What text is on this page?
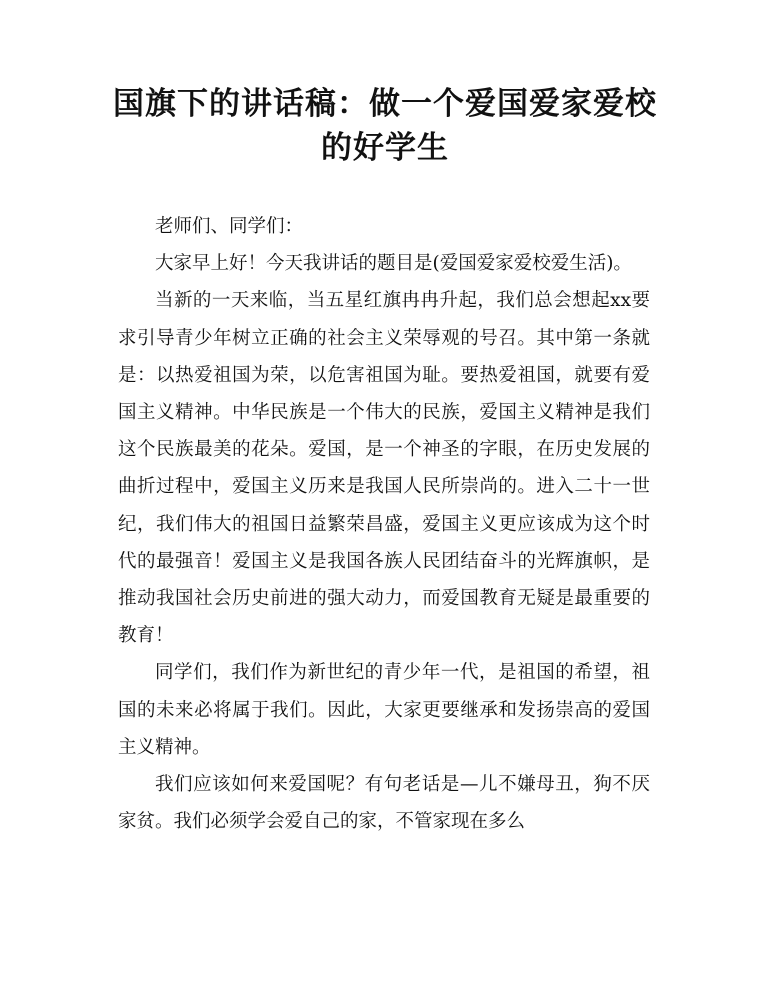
国旗下的讲话稿：做一个爱国爱家爱校的好学生

老师们、同学们：

大家早上好！今天我讲话的题目是(爱国爱家爱校爱生活)。

当新的一天来临，当五星红旗冉冉升起，我们总会想起xx要求引导青少年树立正确的社会主义荣辱观的号召。其中第一条就是：以热爱祖国为荣，以危害祖国为耻。要热爱祖国，就要有爱国主义精神。中华民族是一个伟大的民族，爱国主义精神是我们这个民族最美的花朵。爱国，是一个神圣的字眼，在历史发展的曲折过程中，爱国主义历来是我国人民所崇尚的。进入二十一世纪，我们伟大的祖国日益繁荣昌盛，爱国主义更应该成为这个时代的最强音！爱国主义是我国各族人民团结奋斗的光辉旗帜，是推动我国社会历史前进的强大动力，而爱国教育无疑是最重要的教育！

同学们，我们作为新世纪的青少年一代，是祖国的希望，祖国的未来必将属于我们。因此，大家更要继承和发扬崇高的爱国主义精神。

我们应该如何来爱国呢？有句老话是—儿不嫌母丑，狗不厌家贫。我们必须学会爱自己的家，不管家现在多么
